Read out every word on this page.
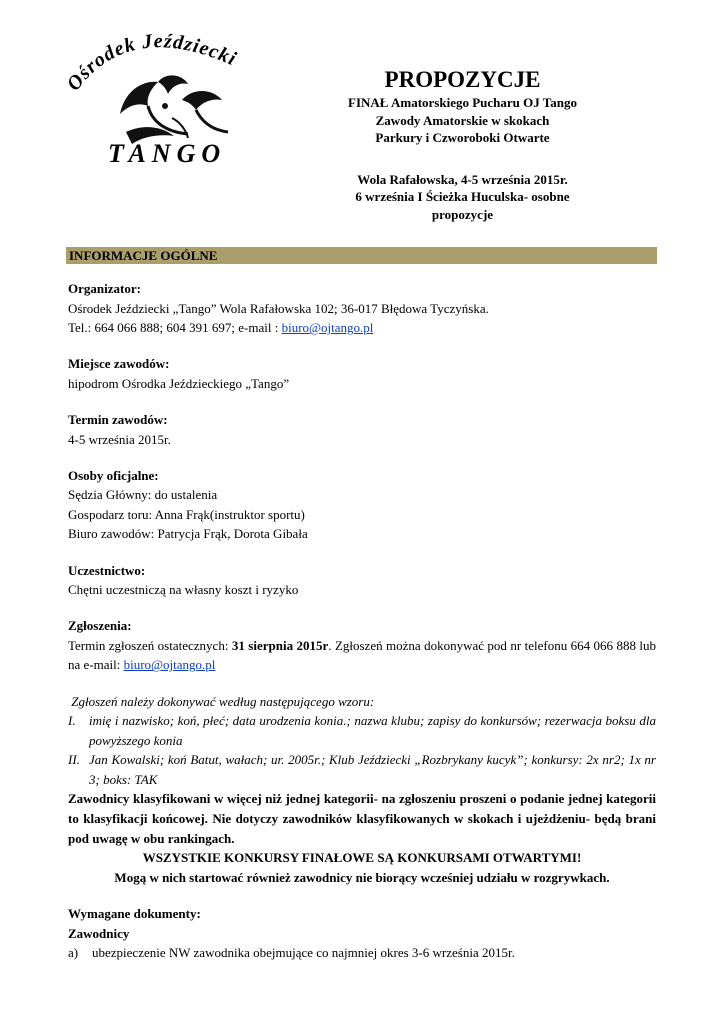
Ośrodek Jeździecki
TANGO
PROPOZYCJE
FINAŁ Amatorskiego Pucharu OJ Tango
Zawody Amatorskie w skokach
Parkury i Czworoboki Otwarte
Wola Rafałowska, 4-5 września 2015r.
6 września I Ścieżka Huculska- osobne
propozycje
INFORMACJE OGÓLNE

Organizator:

Ośrodek Jeździecki „Tango” Wola Rafałowska 102; 36-017 Błędowa Tyczyńska.

Tel.: 664 066 888; 604 391 697; e-mail : biuro@ojtango.pl

Miejsce zawodów:

hipodrom Ośrodka Jeździeckiego „Tango”

Termin zawodów:

4-5 września 2015r.

Osoby oficjalne:

Sędzia Główny: do ustalenia

Gospodarz toru: Anna Frąk(instruktor sportu)

Biuro zawodów: Patrycja Frąk, Dorota Gibała

Uczestnictwo:

Chętni uczestniczą na własny koszt i ryzyko

Zgłoszenia:

Termin zgłoszeń ostatecznych: 31 sierpnia 2015r. Zgłoszeń można dokonywać pod nr telefonu 664 066 888 lub na e-mail: biuro@ojtango.pl

Zgłoszeń należy dokonywać według następującego wzoru:

I.	imię i nazwisko; koń, płeć; data urodzenia konia.; nazwa klubu; zapisy do konkursów; rezerwacja boksu dla powyższego konia
II. Jan Kowalski; koń Batut, wałach; ur. 2005r.; Klub Jeździecki „Rozbrykany kucyk”; konkursy: 2x nr2; 1x nr 3; boks: TAK

Zawodnicy klasyfikowani w więcej niż jednej kategorii- na zgłoszeniu proszeni o podanie jednej kategorii to klasyfikacji końcowej. Nie dotyczy zawodników klasyfikowanych w skokach i ujeżdżeniu- będą brani pod uwagę w obu rankingach.

WSZYSTKIE KONKURSY FINAŁOWE SĄ KONKURSAMI OTWARTYMI!

Mogą w nich startować również zawodnicy nie biorący wcześniej udziału w rozgrywkach.

Wymagane dokumenty:

Zawodnicy

a)	ubezpieczenie NW zawodnika obejmujące co najmniej okres 3-6 września 2015r.
